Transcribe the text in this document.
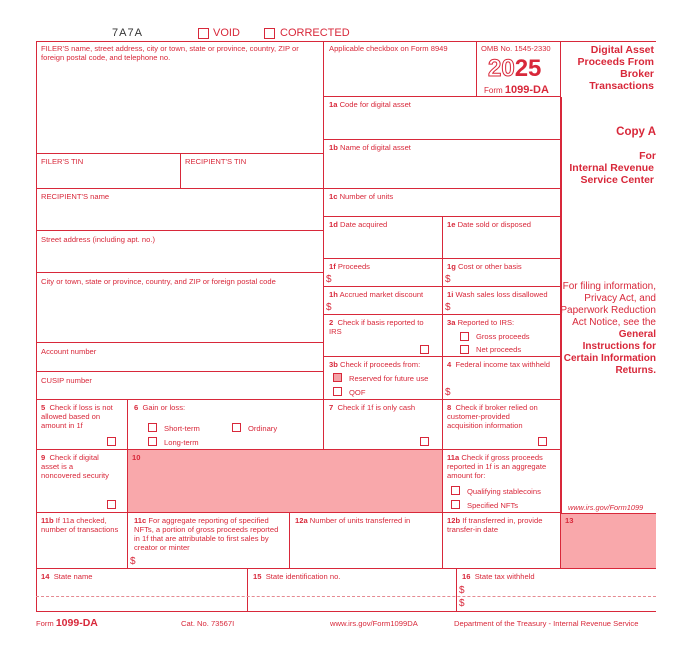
7A7A	VOID	CORRECTED
FILER'S name, street address, city or town, state or province, country, ZIP or foreign postal code, and telephone no.
FILER'S TIN	RECIPIENT'S TIN
RECIPIENT'S name
Street address (including apt. no.)
City or town, state or province, country, and ZIP or foreign postal code
Account number
CUSIP number
Applicable checkbox on Form 8949	OMB No. 1545-2330
2025
Form 1099-DA
Digital Asset Proceeds From Broker Transactions
Copy A
For
Internal Revenue Service Center
For filing information, Privacy Act, and Paperwork Reduction Act Notice, see the General Instructions for Certain Information Returns.
www.irs.gov/Form1099
1a Code for digital asset
1b Name of digital asset
1c Number of units
1d Date acquired	1e Date sold or disposed
1f Proceeds
$
1g Cost or other basis
$
1h Accrued market discount
$
1i Wash sales loss disallowed
$
2 Check if basis reported to IRS
3a Reported to IRS:
Gross proceeds
Net proceeds
3b Check if proceeds from:
Reserved for future use
QOF
4 Federal income tax withheld
$
5 Check if loss is not allowed based on amount in 1f
6 Gain or loss:
Short-term
Long-term
Ordinary
7 Check if 1f is only cash	8 Check if broker relied on customer-provided acquisition information
9 Check if digital asset is a noncovered security
10	11a Check if gross proceeds reported in 1f is an aggregate amount for:
Qualifying stablecoins
Specified NFTs
11b If 11a checked, number of transactions
11c For aggregate reporting of specified NFTs, a portion of gross proceeds reported in 1f that are attributable to first sales by creator or minter
$
12a Number of units transferred in	12b If transferred in, provide transfer-in date
13
14 State name	15 State identification no.	16 State tax withheld
$
$
Form 1099-DA	Cat. No. 73567I	www.irs.gov/Form1099DA	Department of the Treasury - Internal Revenue Service
